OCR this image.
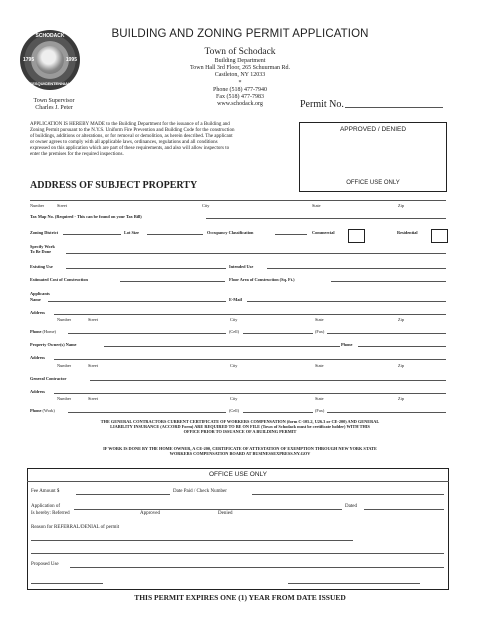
BUILDING AND ZONING PERMIT APPLICATION
SCHODACK
1795	1995
SESQUICENTENNIAL
Town of Schodack
Building Department
Town Hall 3rd Floor, 265 Schuurman Rd.
Castleton, NY 12033
*
Phone (518) 477-7940
Fax (518) 477-7983
www.schodack.org
Town Supervisor
Charles J. Peter	Permit No.
APPLICATION IS HEREBY MADE to the Building Department for the issuance of a Building and
Zoning Permit pursuant to the N.Y.S. Uniform Fire Prevention and Building Code for the construction
of buildings, additions or alterations, or for removal or demolition, as herein described. The applicant
or owner agrees to comply with all applicable laws, ordinances, regulations and all conditions
expressed on this application which are part of these requirements, and also will allow inspectors to
enter the premises for the required inspections.
APPROVED / DENIED
OFFICE USE ONLY
ADDRESS OF SUBJECT PROPERTY
Number	Street	City	State	Zip
Tax Map No. (Required - This can be found on your Tax Bill)
Zoning District	Lot Size	Occupancy Classification	Commercial	Residential
Specify Work
To Be Done
Existing Use	Intended Use
Estimated Cost of Construction	Floor Area of Construction (Sq. Ft.)
Applicants
Name	E-Mail
Address
Number	Street	City	State	Zip
Phone (Home)	(Cell)	(Fax)
Property Owner(s) Name	Phone
Address
Number	Street	City	State	Zip
General Contractor
Address
Number	Street	City	State	Zip
Phone (Work)	(Cell)	(Fax)
THE GENERAL CONTRACTORS CURRENT CERTIFICATE OF WORKERS COMPENSATION (form C-105.2, U26.3 or CE-200) AND GENERAL
LIABILITY INSURANCE (ACCORD Form) ARE REQUIRED TO BE ON FILE (Town of Schodack must be certificate holder) WITH THIS
OFFICE PRIOR TO ISSUANCE OF A BUILDING PERMIT
IF WORK IS DONE BY THE HOME OWNER, A CE-200, CERTIFICATE OF ATTESTATION OF EXEMPTION THROUGH NEW YORK STATE
WORKERS COMPENSATION BOARD AT BUSINESSEXPRESS.NY.GOV
OFFICE USE ONLY
Fee Amount $	Date Paid / Check Number
Application of	Dated
Is hereby: Referred	Approved	Denied
Reason for REFERRAL/DENIAL of permit
Proposed Use
THIS PERMIT EXPIRES ONE (1) YEAR FROM DATE ISSUED
